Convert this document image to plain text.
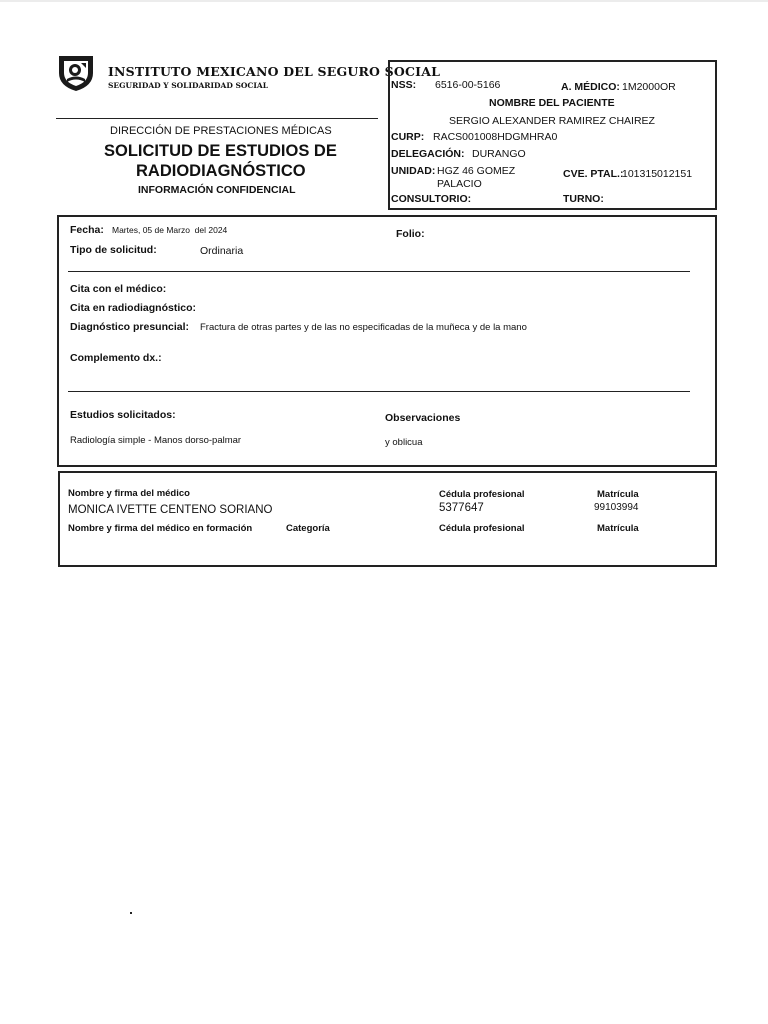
INSTITUTO MEXICANO DEL SEGURO SOCIAL
SEGURIDAD Y SOLIDARIDAD SOCIAL
DIRECCIÓN DE PRESTACIONES MÉDICAS
SOLICITUD DE ESTUDIOS DE
RADIODIAGNÓSTICO
INFORMACIÓN CONFIDENCIAL
NSS: 6516-00-5166	A. MÉDICO: 1M2000OR
NOMBRE DEL PACIENTE
SERGIO ALEXANDER RAMIREZ CHAIREZ
CURP: RACS001008HDGMHRA0
DELEGACIÓN: DURANGO
UNIDAD: HGZ 46 GOMEZ
PALACIO
CVE. PTAL.:
101315012151
CONSULTORIO:	TURNO:
Fecha: Martes, 05 de Marzo  del 2024	Folio:
Tipo de solicitud:	Ordinaria
Cita con el médico:
Cita en radiodiagnóstico:
Diagnóstico presuncial: Fractura de otras partes y de las no especificadas de la muñeca y de la mano
Complemento dx.:
Estudios solicitados:	Observaciones
Radiología simple - Manos dorso-palmar	y oblicua
Nombre y firma del médico
MONICA IVETTE CENTENO SORIANO
Cédula profesional
5377647
Matrícula
99103994
Nombre y firma del médico en formación	Categoría	Cédula profesional	Matrícula
